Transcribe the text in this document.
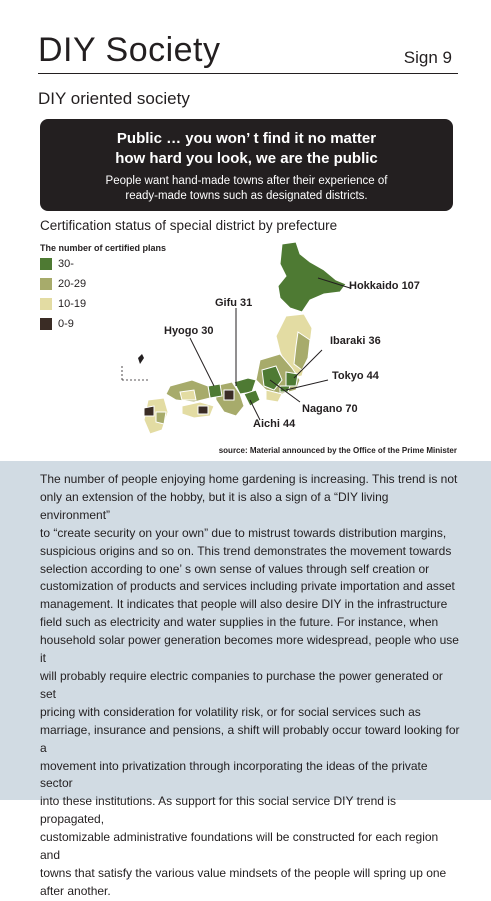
DIY Society	Sign 9
DIY oriented society
Public … you won’ t find it no matter
how hard you look, we are the public
People want hand-made towns after their experience of
ready-made towns such as designated districts.
Certification status of special district by prefecture
The number of certified plans
30-
20-29
10-19
0-9
Hokkaido 107
Gifu 31
Hyogo 30
Ibaraki 36
Tokyo 44
Nagano 70
Aichi 44
source: Material announced by the Office of the Prime Minister
The number of people enjoying home gardening is increasing. This trend is not
only an extension of the hobby, but it is also a sign of a “DIY living environment”
to “create security on your own” due to mistrust towards distribution margins,
suspicious origins and so on. This trend demonstrates the movement towards
selection according to one’ s own sense of values through self creation or
customization of products and services including private importation and asset
management. It indicates that people will also desire DIY in the infrastructure
field such as electricity and water supplies in the future. For instance, when
household solar power generation becomes more widespread, people who use it
will probably require electric companies to purchase the power generated or set
pricing with consideration for volatility risk, or for social services such as
marriage, insurance and pensions, a shift will probably occur toward looking for a
movement into privatization through incorporating the ideas of the private sector
into these institutions. As support for this social service DIY trend is propagated,
customizable administrative foundations will be constructed for each region and
towns that satisfy the various value mindsets of the people will spring up one
after another.
